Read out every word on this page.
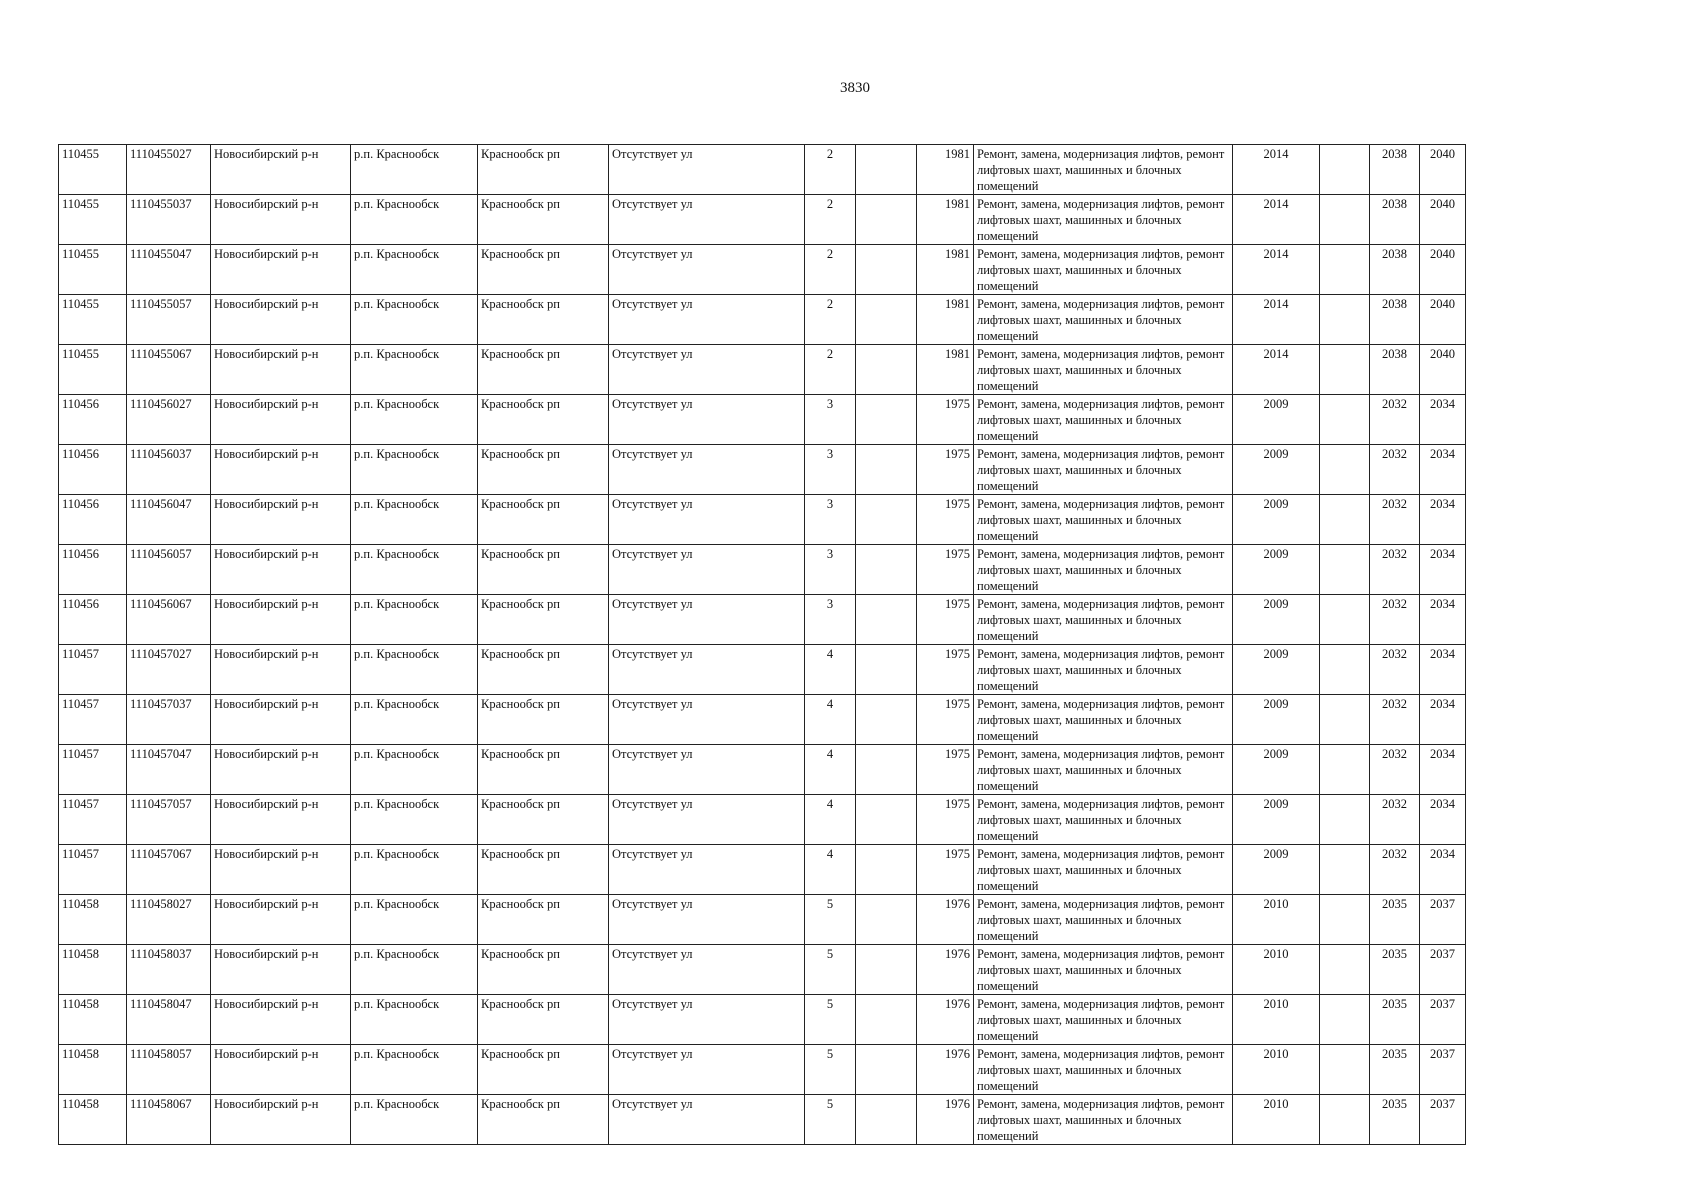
3830
110455	1110455027	Новосибирский р-н	р.п. Краснообск	Краснообск рп	Отсутствует ул	2		1981	Ремонт, замена, модернизация лифтов, ремонт лифтовых шахт, машинных и блочных помещений	2014		2038	2040
110455	1110455037	Новосибирский р-н	р.п. Краснообск	Краснообск рп	Отсутствует ул	2		1981	Ремонт, замена, модернизация лифтов, ремонт лифтовых шахт, машинных и блочных помещений	2014		2038	2040
110455	1110455047	Новосибирский р-н	р.п. Краснообск	Краснообск рп	Отсутствует ул	2		1981	Ремонт, замена, модернизация лифтов, ремонт лифтовых шахт, машинных и блочных помещений	2014		2038	2040
110455	1110455057	Новосибирский р-н	р.п. Краснообск	Краснообск рп	Отсутствует ул	2		1981	Ремонт, замена, модернизация лифтов, ремонт лифтовых шахт, машинных и блочных помещений	2014		2038	2040
110455	1110455067	Новосибирский р-н	р.п. Краснообск	Краснообск рп	Отсутствует ул	2		1981	Ремонт, замена, модернизация лифтов, ремонт лифтовых шахт, машинных и блочных помещений	2014		2038	2040
110456	1110456027	Новосибирский р-н	р.п. Краснообск	Краснообск рп	Отсутствует ул	3		1975	Ремонт, замена, модернизация лифтов, ремонт лифтовых шахт, машинных и блочных помещений	2009		2032	2034
110456	1110456037	Новосибирский р-н	р.п. Краснообск	Краснообск рп	Отсутствует ул	3		1975	Ремонт, замена, модернизация лифтов, ремонт лифтовых шахт, машинных и блочных помещений	2009		2032	2034
110456	1110456047	Новосибирский р-н	р.п. Краснообск	Краснообск рп	Отсутствует ул	3		1975	Ремонт, замена, модернизация лифтов, ремонт лифтовых шахт, машинных и блочных помещений	2009		2032	2034
110456	1110456057	Новосибирский р-н	р.п. Краснообск	Краснообск рп	Отсутствует ул	3		1975	Ремонт, замена, модернизация лифтов, ремонт лифтовых шахт, машинных и блочных помещений	2009		2032	2034
110456	1110456067	Новосибирский р-н	р.п. Краснообск	Краснообск рп	Отсутствует ул	3		1975	Ремонт, замена, модернизация лифтов, ремонт лифтовых шахт, машинных и блочных помещений	2009		2032	2034
110457	1110457027	Новосибирский р-н	р.п. Краснообск	Краснообск рп	Отсутствует ул	4		1975	Ремонт, замена, модернизация лифтов, ремонт лифтовых шахт, машинных и блочных помещений	2009		2032	2034
110457	1110457037	Новосибирский р-н	р.п. Краснообск	Краснообск рп	Отсутствует ул	4		1975	Ремонт, замена, модернизация лифтов, ремонт лифтовых шахт, машинных и блочных помещений	2009		2032	2034
110457	1110457047	Новосибирский р-н	р.п. Краснообск	Краснообск рп	Отсутствует ул	4		1975	Ремонт, замена, модернизация лифтов, ремонт лифтовых шахт, машинных и блочных помещений	2009		2032	2034
110457	1110457057	Новосибирский р-н	р.п. Краснообск	Краснообск рп	Отсутствует ул	4		1975	Ремонт, замена, модернизация лифтов, ремонт лифтовых шахт, машинных и блочных помещений	2009		2032	2034
110457	1110457067	Новосибирский р-н	р.п. Краснообск	Краснообск рп	Отсутствует ул	4		1975	Ремонт, замена, модернизация лифтов, ремонт лифтовых шахт, машинных и блочных помещений	2009		2032	2034
110458	1110458027	Новосибирский р-н	р.п. Краснообск	Краснообск рп	Отсутствует ул	5		1976	Ремонт, замена, модернизация лифтов, ремонт лифтовых шахт, машинных и блочных помещений	2010		2035	2037
110458	1110458037	Новосибирский р-н	р.п. Краснообск	Краснообск рп	Отсутствует ул	5		1976	Ремонт, замена, модернизация лифтов, ремонт лифтовых шахт, машинных и блочных помещений	2010		2035	2037
110458	1110458047	Новосибирский р-н	р.п. Краснообск	Краснообск рп	Отсутствует ул	5		1976	Ремонт, замена, модернизация лифтов, ремонт лифтовых шахт, машинных и блочных помещений	2010		2035	2037
110458	1110458057	Новосибирский р-н	р.п. Краснообск	Краснообск рп	Отсутствует ул	5		1976	Ремонт, замена, модернизация лифтов, ремонт лифтовых шахт, машинных и блочных помещений	2010		2035	2037
110458	1110458067	Новосибирский р-н	р.п. Краснообск	Краснообск рп	Отсутствует ул	5		1976	Ремонт, замена, модернизация лифтов, ремонт лифтовых шахт, машинных и блочных помещений	2010		2035	2037
